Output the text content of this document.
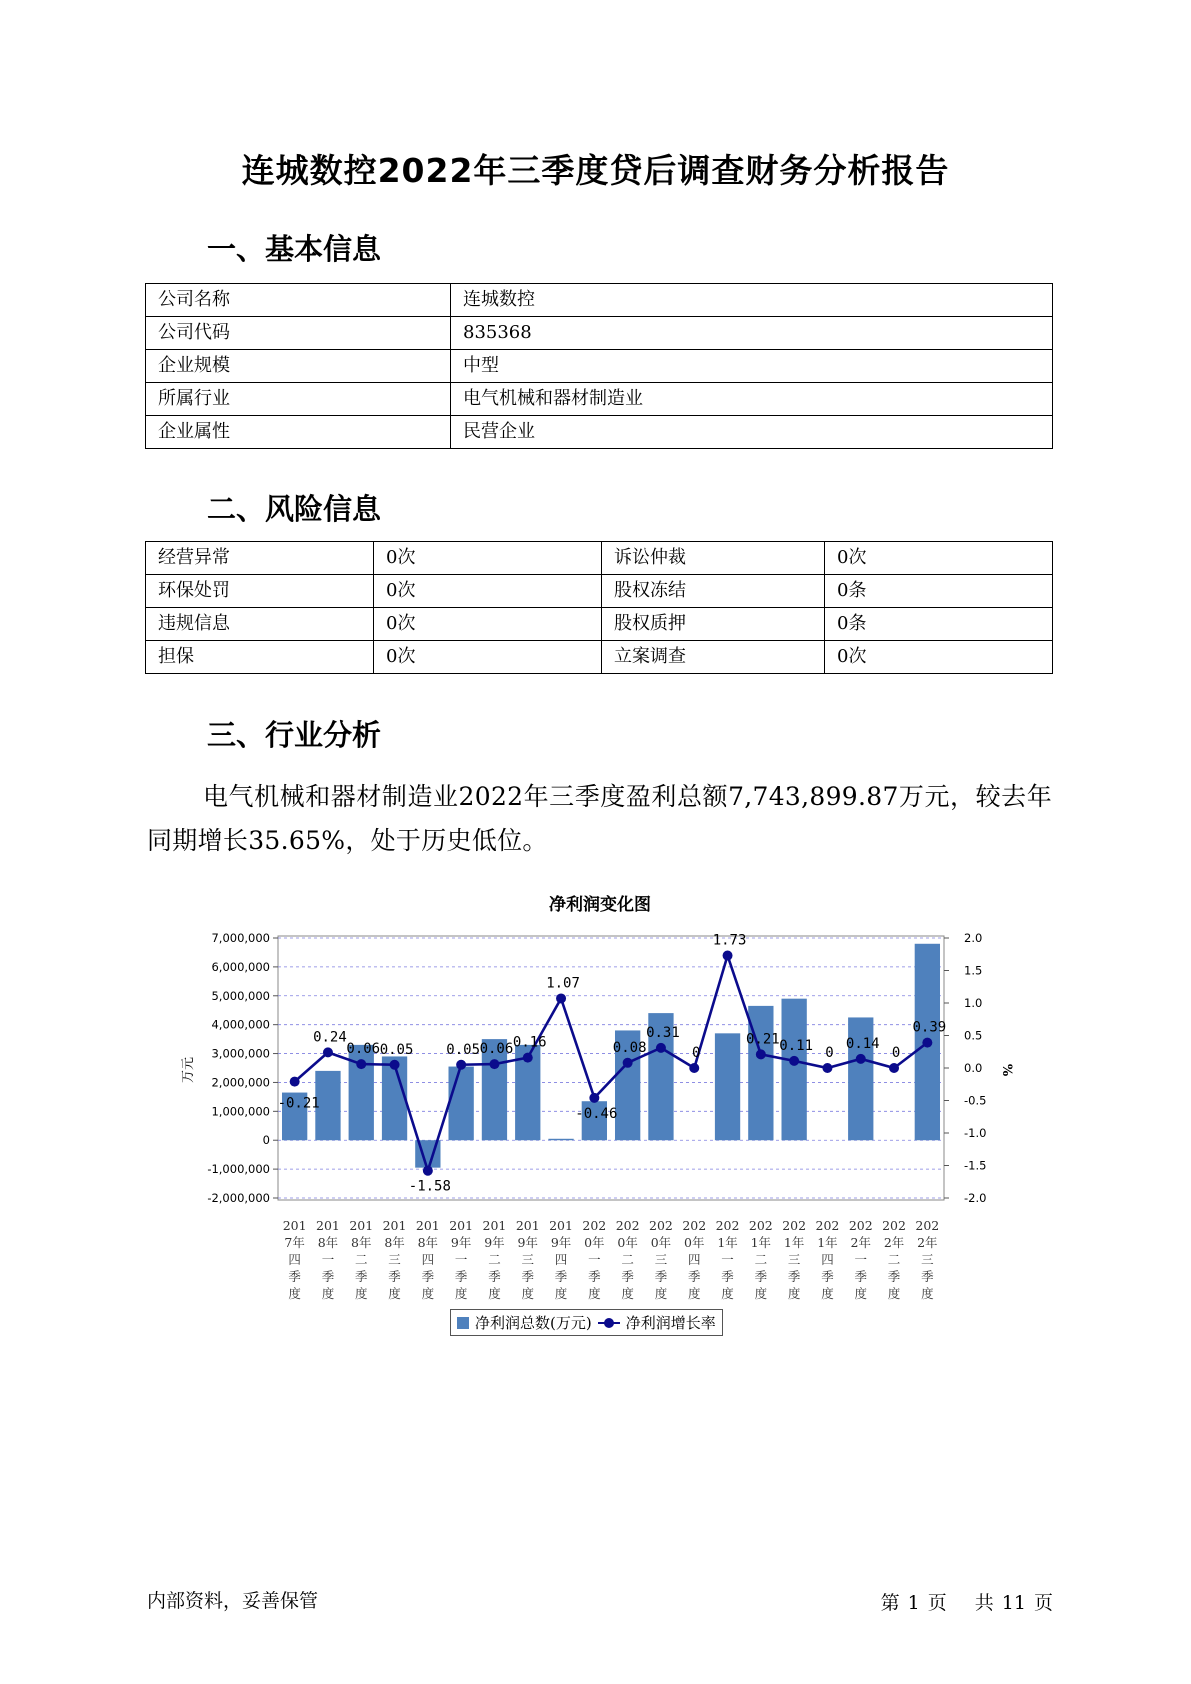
连城数控2022年三季度贷后调查财务分析报告
一、基本信息
公司名称	连城数控
公司代码	835368
企业规模	中型
所属行业	电气机械和器材制造业
企业属性	民营企业
二、风险信息
经营异常	0次	诉讼仲裁	0次
环保处罚	0次	股权冻结	0条
违规信息	0次	股权质押	0条
担保	0次	立案调查	0次
三、行业分析
电气机械和器材制造业2022年三季度盈利总额7,743,899.87万元，较去年同期增长35.65%，处于历史低位。
净利润变化图
7,000,000
6,000,000
5,000,000
4,000,000
3,000,000
2,000,000
1,000,000
0
-1,000,000
-2,000,000
2.0
1.5
1.0
0.5
0.0
-0.5
-1.0
-1.5
-2.0
万元	%
-0.21
0.24
0.06 0.05
-1.58
0.05 0.06 0.16
1.07
-0.46
0.08
0.31
0
1.73
0.21 0.11 0
0.14
0
0.39
201
7年
四
季
度
201
8年
一
季
度
201
8年
二
季
度
201
8年
三
季
度
201
8年
四
季
度
201
9年
一
季
度
201
9年
二
季
度
201
9年
三
季
度
201
9年
四
季
度
202
0年
一
季
度
202
0年
二
季
度
202
0年
三
季
度
202
0年
四
季
度
202
1年
一
季
度
202
1年
二
季
度
202
1年
三
季
度
202
1年
四
季
度
202
2年
一
季
度
202
2年
二
季
度
202
2年
三
季
度
净利润总数(万元) 净利润增长率
内部资料，妥善保管	第 1 页 共 11 页
